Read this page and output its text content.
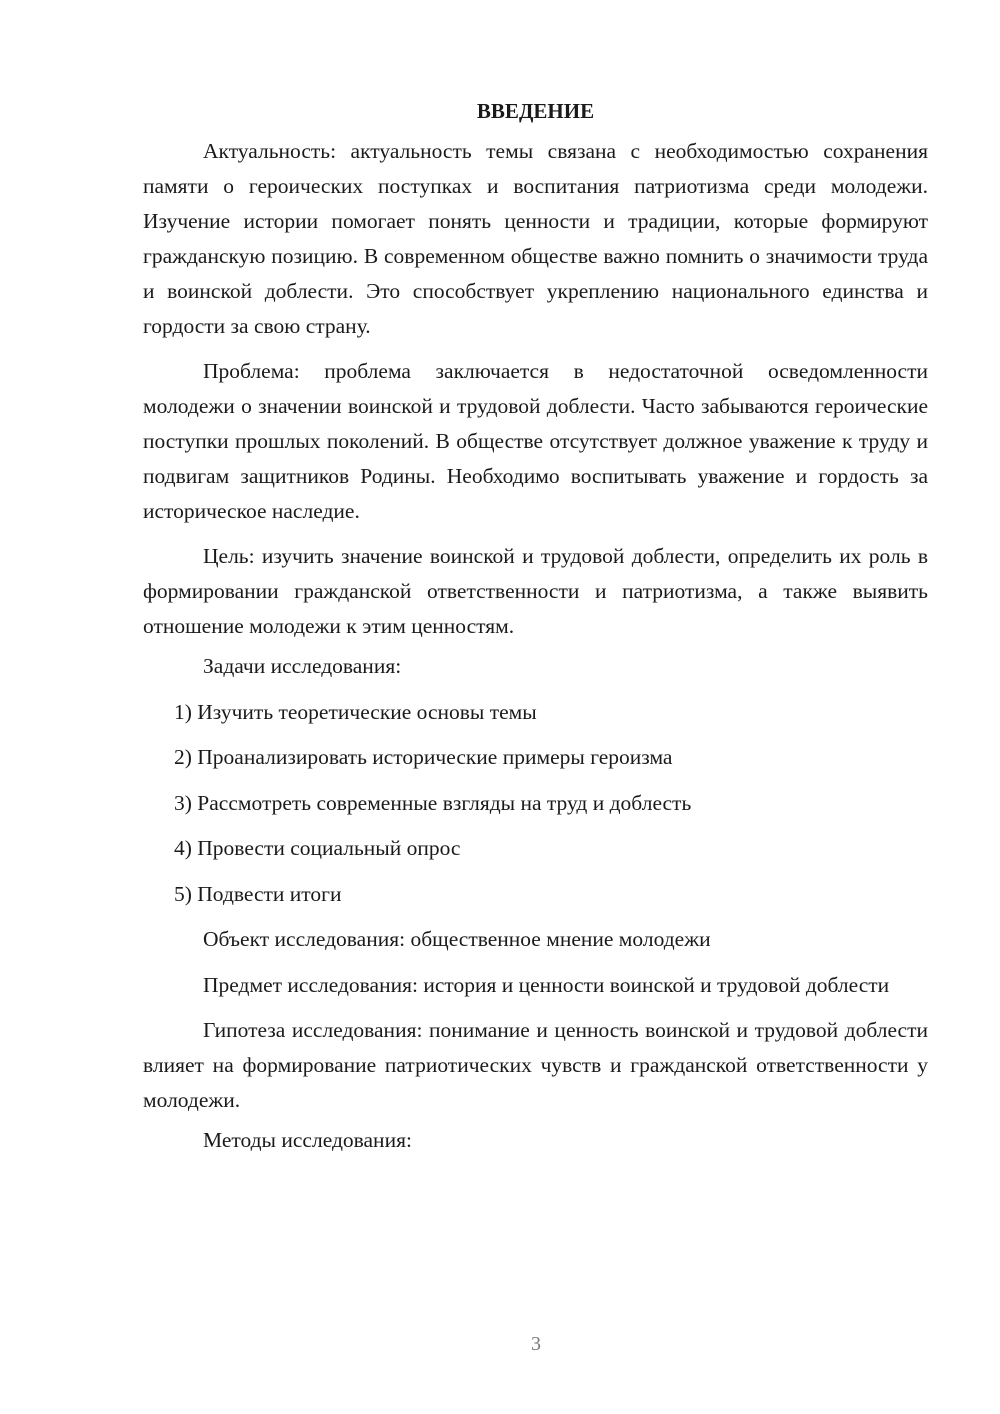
ВВЕДЕНИЕ

Актуальность: актуальность темы связана с необходимостью сохранения памяти о героических поступках и воспитания патриотизма среди молодежи. Изучение истории помогает понять ценности и традиции, которые формируют гражданскую позицию. В современном обществе важно помнить о значимости труда и воинской доблести. Это способствует укреплению национального единства и гордости за свою страну.

Проблема: проблема заключается в недостаточной осведомленности молодежи о значении воинской и трудовой доблести. Часто забываются героические поступки прошлых поколений. В обществе отсутствует должное уважение к труду и подвигам защитников Родины. Необходимо воспитывать уважение и гордость за историческое наследие.

Цель: изучить значение воинской и трудовой доблести, определить их роль в формировании гражданской ответственности и патриотизма, а также выявить отношение молодежи к этим ценностям.

Задачи исследования:

1) Изучить теоретические основы темы

2) Проанализировать исторические примеры героизма

3) Рассмотреть современные взгляды на труд и доблесть

4) Провести социальный опрос

5) Подвести итоги

Объект исследования: общественное мнение молодежи

Предмет исследования: история и ценности воинской и трудовой доблести

Гипотеза исследования: понимание и ценность воинской и трудовой доблести влияет на формирование патриотических чувств и гражданской ответственности у молодежи.

Методы исследования:

3
